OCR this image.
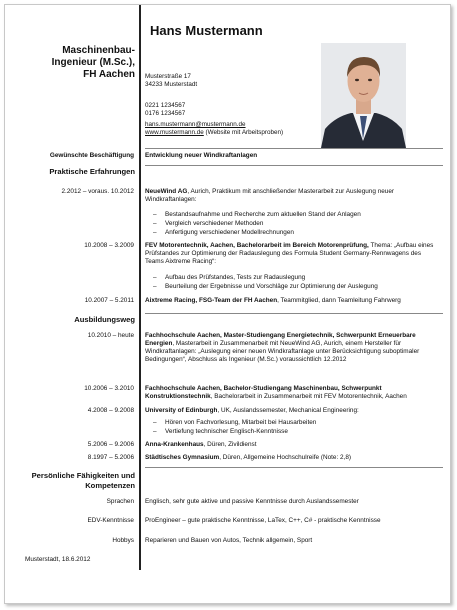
Hans Mustermann
Maschinenbau-
Ingenieur (M.Sc.),
FH Aachen Musterstraße 17
34233 Musterstadt
0221 1234567
0176 1234567
hans.mustermann@mustermann.de
www.mustermann.de (Website mit Arbeitsproben)
Gewünschte Beschäftigung Entwicklung neuer Windkraftanlagen
Praktische Erfahrungen
2.2012 – voraus. 10.2012 NeueWind AG, Aurich, Praktikum mit anschließender Masterarbeit zur Auslegung neuer Windkraftanlagen:
– Bestandsaufnahme und Recherche zum aktuellen Stand der Anlagen
– Vergleich verschiedener Methoden
– Anfertigung verschiedener Modellrechnungen
10.2008 – 3.2009 FEV Motorentechnik, Aachen, Bachelorarbeit im Bereich Motorenprüfung, Thema: „Aufbau eines Prüfstandes zur Optimierung der Radauslegung des Formula Student Germany-Rennwagens des Teams Aixtreme Racing“:
– Aufbau des Prüfstandes, Tests zur Radauslegung
– Beurteilung der Ergebnisse und Vorschläge zur Optimierung der Auslegung
10.2007 – 5.2011 Aixtreme Racing, FSG-Team der FH Aachen, Teammitglied, dann Teamleitung Fahrwerg
Ausbildungsweg
10.2010 – heute Fachhochschule Aachen, Master-Studiengang Energietechnik, Schwerpunkt Erneuerbare Energien, Masterarbeit in Zusammenarbeit mit NeueWind AG, Aurich, einem Hersteller für Windkraftanlagen: „Auslegung einer neuen Windkraftanlage unter Berücksichtigung suboptimaler Bedingungen“, Abschluss als Ingenieur (M.Sc.) voraussichtlich 12.2012
10.2006 – 3.2010 Fachhochschule Aachen, Bachelor-Studiengang Maschinenbau, Schwerpunkt Konstruktionstechnik, Bachelorarbeit in Zusammenarbeit mit FEV Motorentechnik, Aachen
4.2008 – 9.2008 University of Edinburgh, UK, Auslandssemester, Mechanical Engineering:
– Hören von Fachvorlesung, Mitarbeit bei Hausarbeiten
– Vertiefung technischer Englisch-Kenntnisse
5.2006 – 9.2006 Anna-Krankenhaus, Düren, Zivildienst
8.1997 – 5.2006 Städtisches Gymnasium, Düren, Allgemeine Hochschulreife (Note: 2,8)
Persönliche Fähigkeiten und
Kompetenzen
Sprachen Englisch, sehr gute aktive und passive Kenntnisse durch Auslandssemester
EDV-Kenntnisse ProEngineer – gute praktische Kenntnisse, LaTex, C++, C# - praktische Kenntnisse
Hobbys Reparieren und Bauen von Autos, Technik allgemein, Sport
Musterstadt, 18.6.2012
